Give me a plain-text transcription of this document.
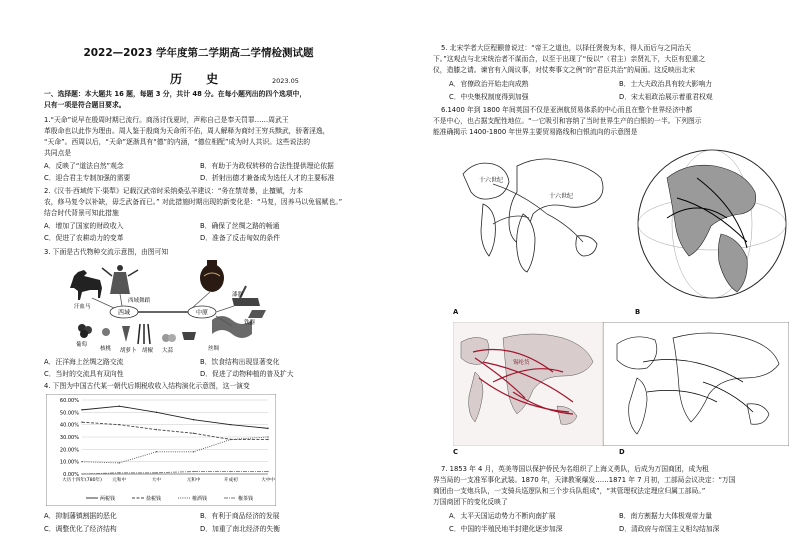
2022—2023 学年度第二学期高二学情检测试题
历 史	2023.05
一、选择题：本大题共 16 题，每题 3 分，共计 48 分。在每小题列出的四个选项中，
只有一项是符合题目要求。
1.“天命”说早在殷周时期已流行。商汤讨伐夏时，声称自己是奉天罚罪……周武王
革殷命也以此作为理由。周人鉴于殷商为天命所不佑，周人解释为商纣王穷兵黩武，骄奢淫逸，
“天命”。西周以后，“天命”逐渐具有“德”的内涵，“德位相配”成为时人共识。这些说法的
共同点是
A．反映了“道法自然”观念	B．有助于为政权转移的合法性提供理论依据
C．迎合君主专制加强的需要	D．折射出德才兼备成为选任人才的主要标准
2.《汉书·西域传下·渠犁》记载汉武帝时采纳桑弘羊建议：“务在禁苛暴，止擅赋，力本
农，修马复令以补缺，毋乏武备而已。” 对此措施时期出现的新变化是：“马复，因养马以免徭赋也。”
结合时代背景可知此措施
A．增加了国家的财政收入	B．确保了丝绸之路的畅通
C．促进了农耕动力的变革	D．准备了反击匈奴的条件
3. 下面是古代物种交流示意图，由图可知
西域	中原
汗血马
西域舞蹈
漆器
铁器
丝绸
葡萄
核桃 胡萝卜 胡椒 大蒜
A．汪洋海上丝绸之路交流	B．饮食结构出现显著变化
C．当时的交流具有双向性	D．促进了动物种植的普及扩大
4. 下图为中国古代某一朝代后期税收收入结构演化示意图，这一演变
0.00%
10.00%
20.00%
30.00%
40.00%
50.00%
60.00%
大历十四年(780年) 元和中	大中	元和中	开成初	大中中
两税钱	盐税钱	榷酒钱	権茶钱
A．抑制藩镇割据的恶化	B．有利于商品经济的发展
C．调整优化了经济结构	D．加重了南北经济的失衡
5. 北宋学者大臣程颢曾说过：“帝王之道也，以择任贤俊为本，得人而后与之同治天
下。”这观点与北宋统治者不谋而合，以至于出现了“佞以”（君主）亲贤礼下，大臣有犯重之
仪，造膝之请。谏官有入阁议事，对仗奏事文之例”的“君臣共治”的局面。这反映出北宋
A．官僚政治开始走向成熟	B．士大夫政治具有较大影响力
C．中央集权制度得到加强	D．宋太祖政治展示着重君权观
6.1400 年到 1800 年间英国不仅是亚洲航贸易体系的中心而且在整个世界经济中都
不是中心，也占据支配性地位。“一它吸引和容纳了当时世界生产的白银的一半。下列图示
能准确揭示 1400-1800 年世界主要贸易路线和白银流向的示意图是
十六世纪
十六世纪
A	B
锡纶货
C	D
7. 1853 年 4 月，英美等国以保护侨民为名组织了上海义勇队，后成为万国商团，成为租
界当局的一支准军事化武装。1870 年，天津教案爆发……1871 年 7 月初，工部局会议决定：“万国
商团由一支炮兵队，一支骑兵巡逻队和三个步兵队组成”，“其管理权法定理应归属工部局。”
万国商团下的变化反映了
A．太平天国运动势力不断向南扩展	B．南方割据力大体极观帝力量
C．中国的半殖民地半封建化逐步加深	D．清政府与帝国主义相勾结加深
